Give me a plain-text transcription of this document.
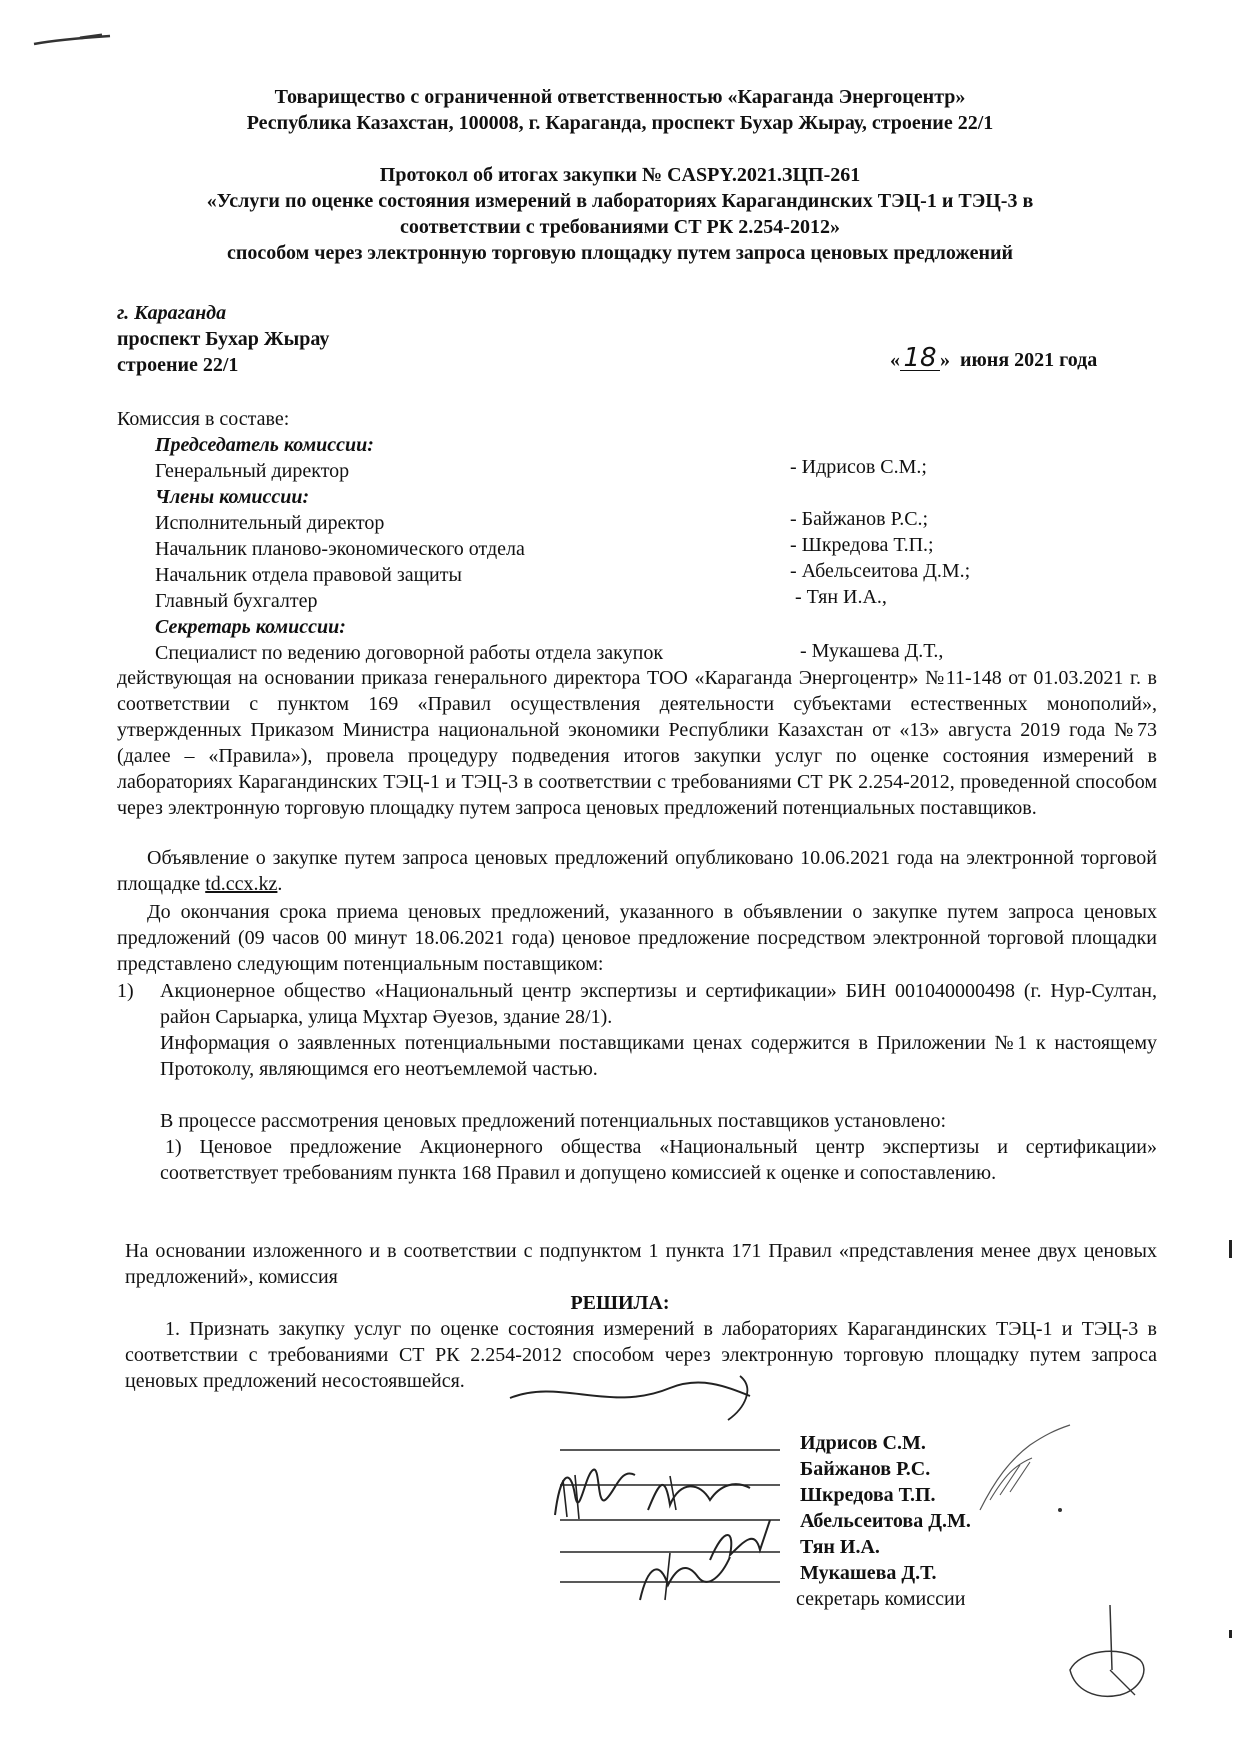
Товарищество с ограниченной ответственностью «Караганда Энергоцентр»
Республика Казахстан, 100008, г. Караганда, проспект Бухар Жырау, строение 22/1
Протокол об итогах закупки № CASPY.2021.ЗЦП-261
«Услуги по оценке состояния измерений в лабораториях Карагандинских ТЭЦ-1 и ТЭЦ-3 в
соответствии с требованиями СТ РК 2.254-2012»
способом через электронную торговую площадку путем запроса ценовых предложений
г. Караганда
проспект Бухар Жырау
строение 22/1	« 18 » июня 2021 года
Комиссия в составе:
Председатель комиссии:
Генеральный директор	- Идрисов С.М.;
Члены комиссии:
Исполнительный директор	- Байжанов Р.С.;
Начальник планово-экономического отдела	- Шкредова Т.П.;
Начальник отдела правовой защиты	- Абельсеитова Д.М.;
Главный бухгалтер	- Тян И.А.,
Секретарь комиссии:
Специалист по ведению договорной работы отдела закупок	- Мукашева Д.Т.,
действующая на основании приказа генерального директора ТОО «Караганда Энергоцентр» №11-148 от 01.03.2021 г. в соответствии с пунктом 169 «Правил осуществления деятельности субъектами естественных монополий», утвержденных Приказом Министра национальной экономики Республики Казахстан от «13» августа 2019 года №73 (далее – «Правила»), провела процедуру подведения итогов закупки услуг по оценке состояния измерений в лабораториях Карагандинских ТЭЦ-1 и ТЭЦ-3 в соответствии с требованиями СТ РК 2.254-2012, проведенной способом через электронную торговую площадку путем запроса ценовых предложений потенциальных поставщиков.
Объявление о закупке путем запроса ценовых предложений опубликовано 10.06.2021 года на электронной торговой площадке td.ccx.kz.
До окончания срока приема ценовых предложений, указанного в объявлении о закупке путем запроса ценовых предложений (09 часов 00 минут 18.06.2021 года) ценовое предложение посредством электронной торговой площадки представлено следующим потенциальным поставщиком:
1) Акционерное общество «Национальный центр экспертизы и сертификации» БИН 001040000498 (г. Нур-Султан, район Сарыарка, улица Мұхтар Әуезов, здание 28/1).
Информация о заявленных потенциальными поставщиками ценах содержится в Приложении №1 к настоящему Протоколу, являющимся его неотъемлемой частью.
В процессе рассмотрения ценовых предложений потенциальных поставщиков установлено:
1) Ценовое предложение Акционерного общества «Национальный центр экспертизы и сертификации» соответствует требованиям пункта 168 Правил и допущено комиссией к оценке и сопоставлению.
На основании изложенного и в соответствии с подпунктом 1 пункта 171 Правил «представления менее двух ценовых предложений», комиссия
РЕШИЛА:
1. Признать закупку услуг по оценке состояния измерений в лабораториях Карагандинских ТЭЦ-1 и ТЭЦ-3 в соответствии с требованиями СТ РК 2.254-2012 способом через электронную торговую площадку путем запроса ценовых предложений несостоявшейся.
Идрисов С.М.
Байжанов Р.С.
Шкредова Т.П.
Абельсеитова Д.М.
Тян И.А.
Мукашева Д.Т.
секретарь комиссии
